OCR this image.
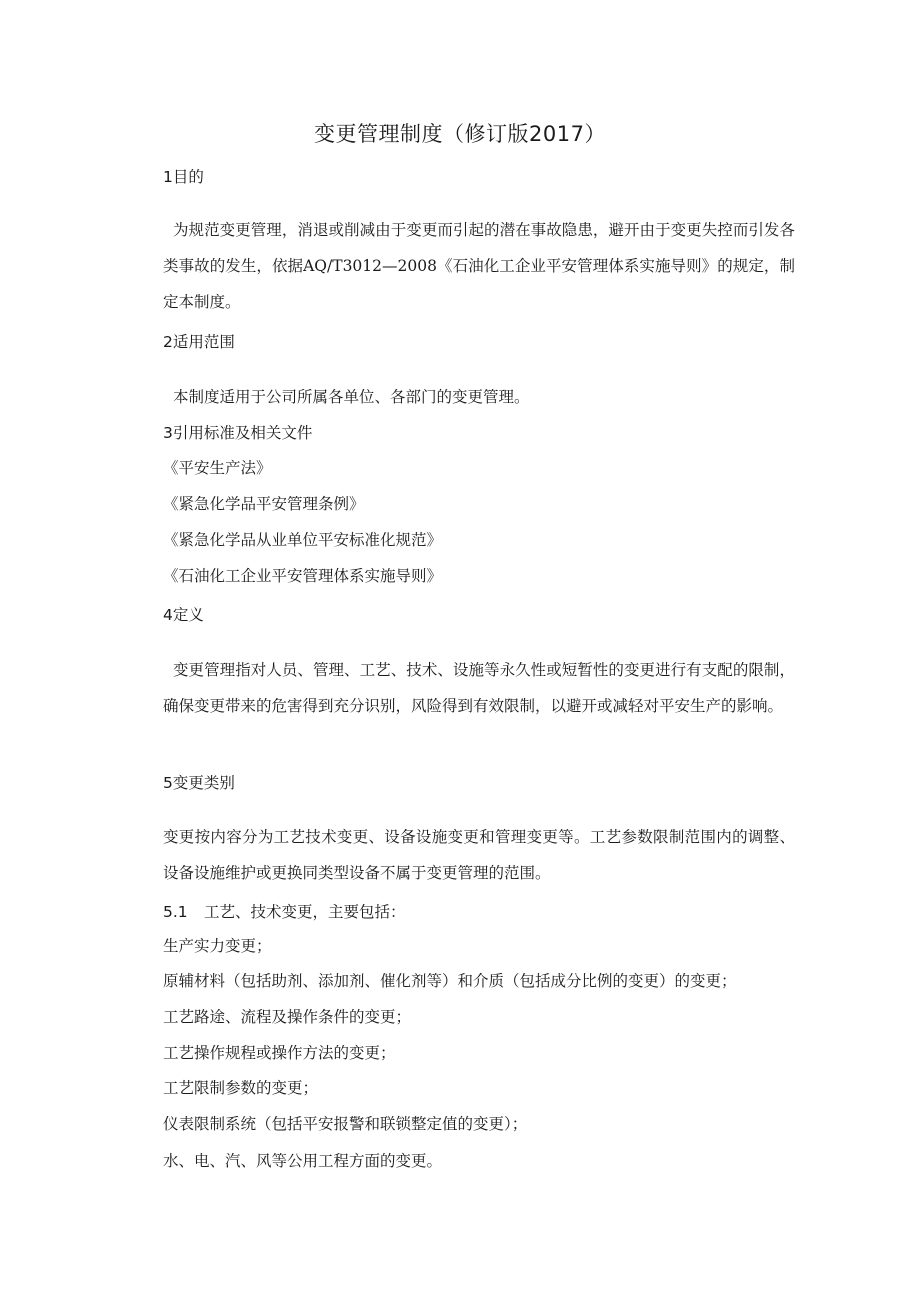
变更管理制度（修订版2017）
1目的
为规范变更管理，消退或削减由于变更而引起的潜在事故隐患，避开由于变更失控而引发各类事故的发生，依据AQ/T3012—2008《石油化工企业平安管理体系实施导则》的规定，制定本制度。
2适用范围
本制度适用于公司所属各单位、各部门的变更管理。
3引用标准及相关文件
《平安生产法》
《紧急化学品平安管理条例》
《紧急化学品从业单位平安标准化规范》
《石油化工企业平安管理体系实施导则》
4定义
变更管理指对人员、管理、工艺、技术、设施等永久性或短暂性的变更进行有支配的限制，确保变更带来的危害得到充分识别，风险得到有效限制，以避开或减轻对平安生产的影响。
5变更类别
变更按内容分为工艺技术变更、设备设施变更和管理变更等。工艺参数限制范围内的调整、设备设施维护或更换同类型设备不属于变更管理的范围。
5.1 工艺、技术变更，主要包括：
生产实力变更；
原辅材料（包括助剂、添加剂、催化剂等）和介质（包括成分比例的变更）的变更；
工艺路途、流程及操作条件的变更；
工艺操作规程或操作方法的变更；
工艺限制参数的变更；
仪表限制系统（包括平安报警和联锁整定值的变更）；
水、电、汽、风等公用工程方面的变更。
